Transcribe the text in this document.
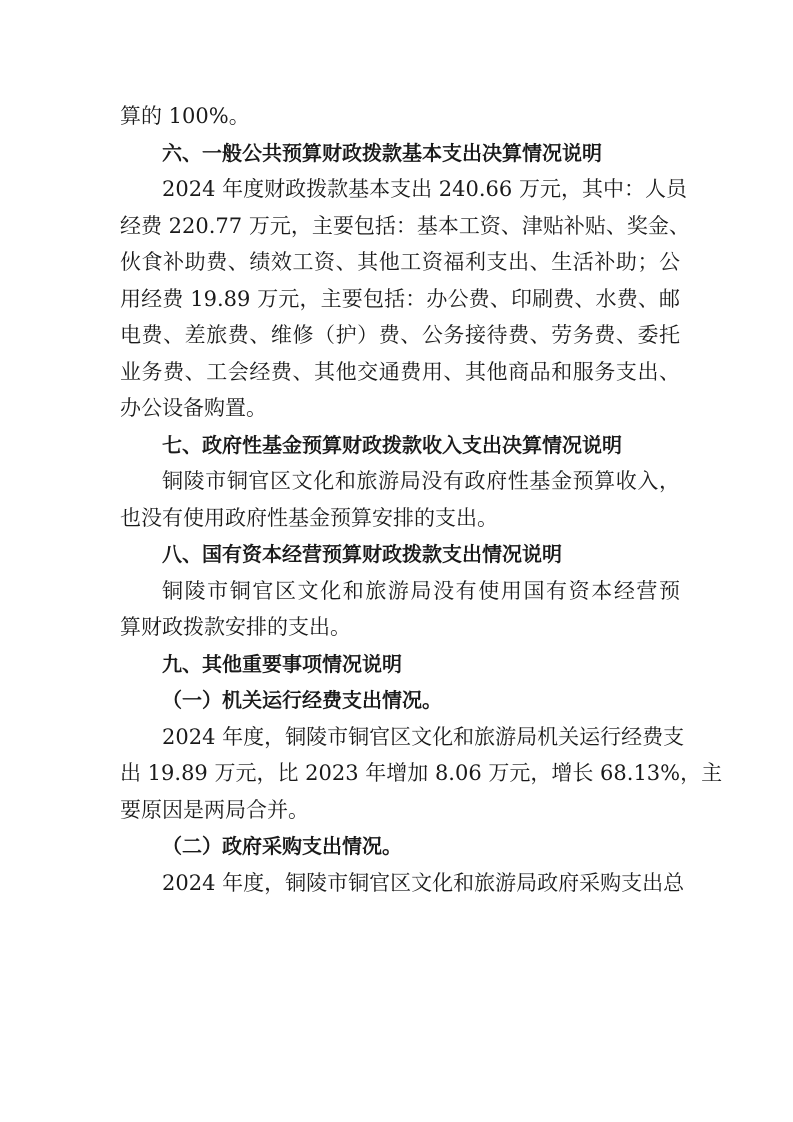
算的 100%。
六、一般公共预算财政拨款基本支出决算情况说明
2024 年度财政拨款基本支出 240.66 万元，其中：人员
经费 220.77 万元，主要包括：基本工资、津贴补贴、奖金、
伙食补助费、绩效工资、其他工资福利支出、生活补助；公
用经费 19.89 万元，主要包括：办公费、印刷费、水费、邮
电费、差旅费、维修（护）费、公务接待费、劳务费、委托
业务费、工会经费、其他交通费用、其他商品和服务支出、
办公设备购置。
七、政府性基金预算财政拨款收入支出决算情况说明
铜陵市铜官区文化和旅游局没有政府性基金预算收入，
也没有使用政府性基金预算安排的支出。
八、国有资本经营预算财政拨款支出情况说明
铜陵市铜官区文化和旅游局没有使用国有资本经营预
算财政拨款安排的支出。
九、其他重要事项情况说明
（一）机关运行经费支出情况。
2024 年度，铜陵市铜官区文化和旅游局机关运行经费支
出 19.89 万元，比 2023 年增加 8.06 万元，增长 68.13%，主
要原因是两局合并。
（二）政府采购支出情况。
2024 年度，铜陵市铜官区文化和旅游局政府采购支出总
